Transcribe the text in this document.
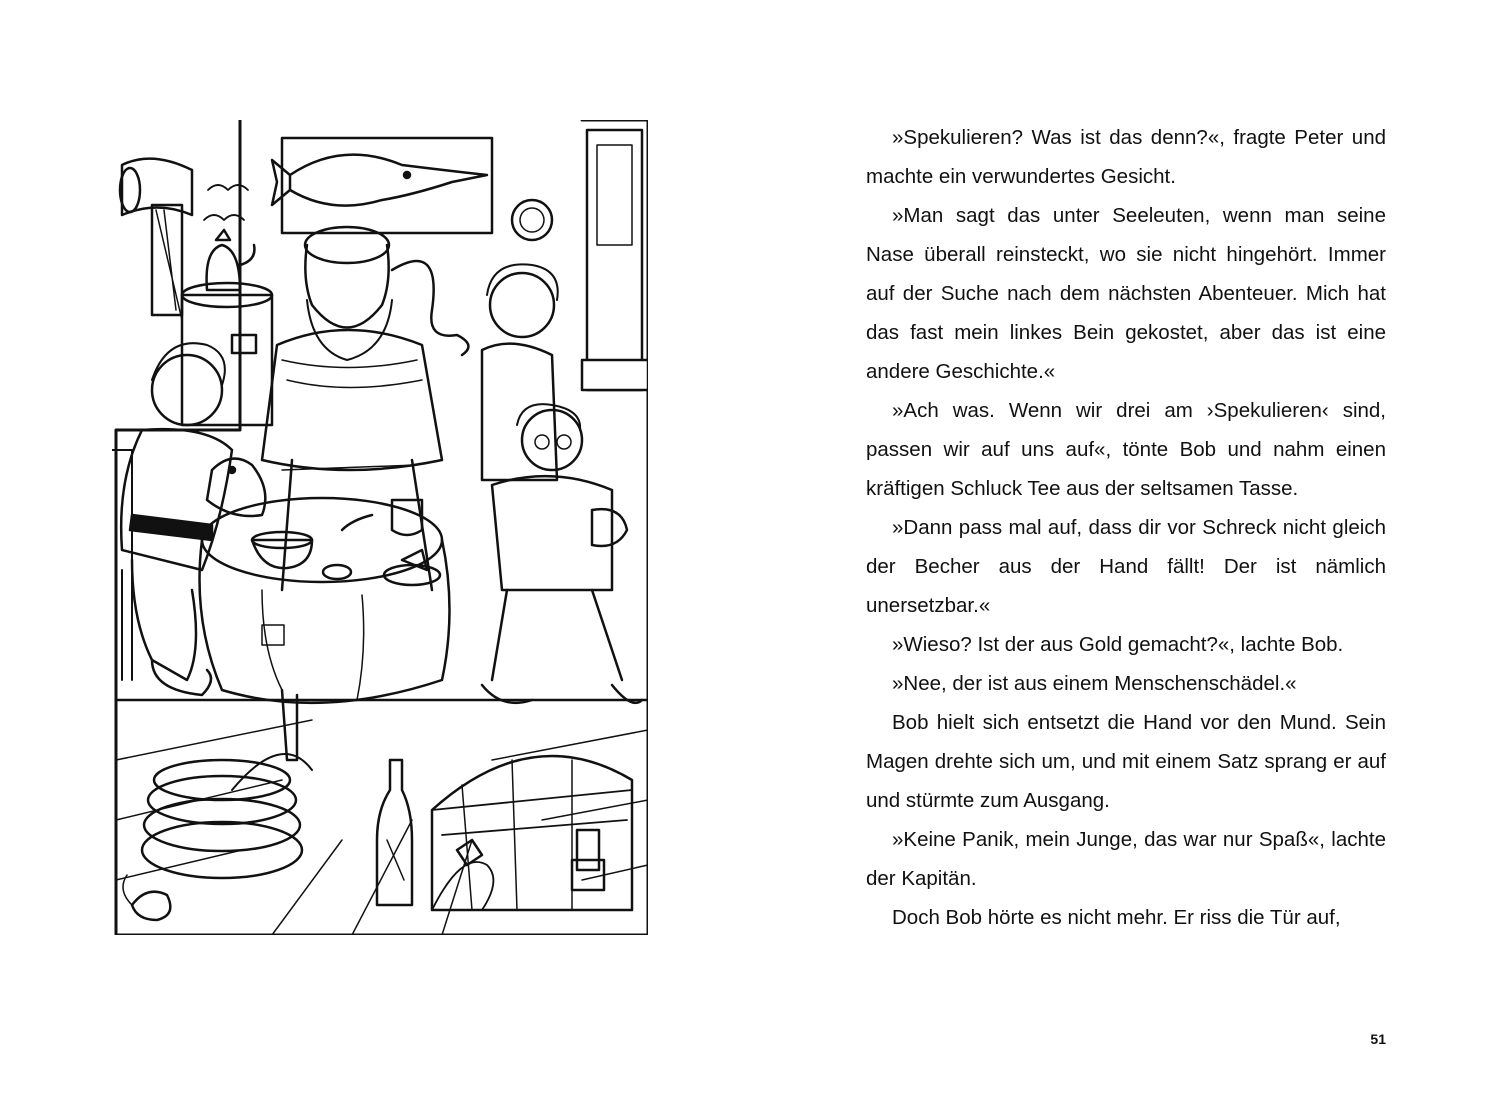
»Spekulieren? Was ist das denn?«, fragte Peter und machte ein verwundertes Gesicht.

»Man sagt das unter Seeleuten, wenn man seine Nase überall reinsteckt, wo sie nicht hingehört. Immer auf der Suche nach dem nächsten Abenteuer. Mich hat das fast mein linkes Bein gekostet, aber das ist eine andere Geschichte.«

»Ach was. Wenn wir drei am ›Spekulieren‹ sind, passen wir auf uns auf«, tönte Bob und nahm einen kräftigen Schluck Tee aus der seltsamen Tasse.

»Dann pass mal auf, dass dir vor Schreck nicht gleich der Becher aus der Hand fällt! Der ist nämlich unersetzbar.«

»Wieso? Ist der aus Gold gemacht?«, lachte Bob.

»Nee, der ist aus einem Menschenschädel.«

Bob hielt sich entsetzt die Hand vor den Mund. Sein Magen drehte sich um, und mit einem Satz sprang er auf und stürmte zum Ausgang.

»Keine Panik, mein Junge, das war nur Spaß«, lachte der Kapitän.

Doch Bob hörte es nicht mehr. Er riss die Tür auf,

51
